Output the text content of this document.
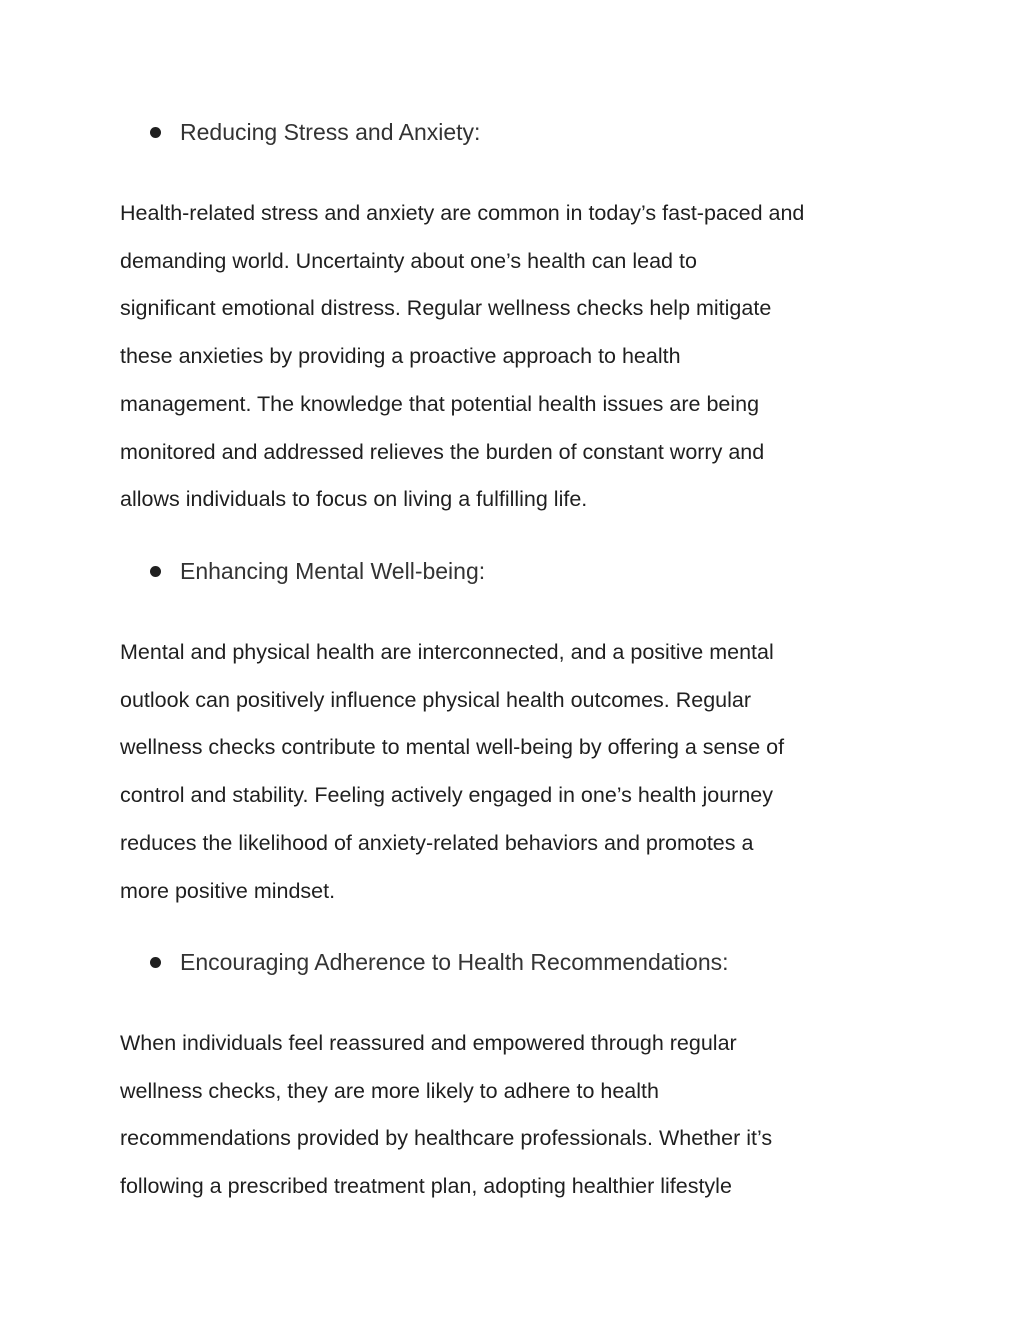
Reducing Stress and Anxiety:

Health-related stress and anxiety are common in today’s fast-paced and
demanding world. Uncertainty about one’s health can lead to
significant emotional distress. Regular wellness checks help mitigate
these anxieties by providing a proactive approach to health
management. The knowledge that potential health issues are being
monitored and addressed relieves the burden of constant worry and
allows individuals to focus on living a fulfilling life.

Enhancing Mental Well-being:

Mental and physical health are interconnected, and a positive mental
outlook can positively influence physical health outcomes. Regular
wellness checks contribute to mental well-being by offering a sense of
control and stability. Feeling actively engaged in one’s health journey
reduces the likelihood of anxiety-related behaviors and promotes a
more positive mindset.

Encouraging Adherence to Health Recommendations:

When individuals feel reassured and empowered through regular
wellness checks, they are more likely to adhere to health
recommendations provided by healthcare professionals. Whether it’s
following a prescribed treatment plan, adopting healthier lifestyle
